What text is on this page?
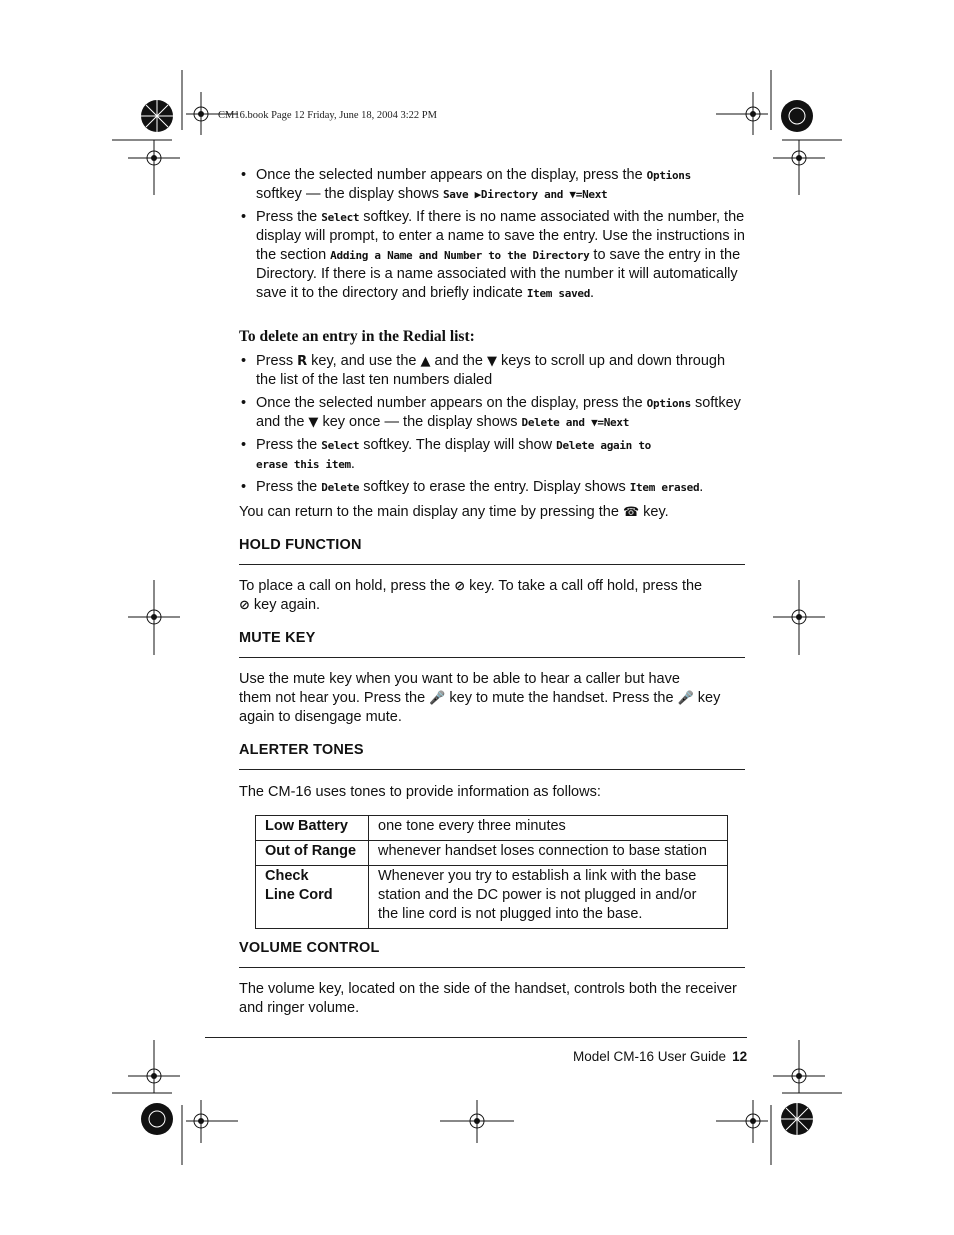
CM16.book Page 12 Friday, June 18, 2004 3:22 PM
• Once the selected number appears on the display, press the Options
softkey — the display shows Save ▶Directory and ▼=Next
• Press the Select softkey. If there is no name associated with the number, the display will prompt, to enter a name to save the entry. Use the instructions in the section Adding a Name and Number to the Directory to save the entry in the Directory. If there is a name associated with the number it will automatically save it to the directory and briefly indicate Item saved.
To delete an entry in the Redial list:
• Press R key, and use the ▲ and the ▼ keys to scroll up and down through the list of the last ten numbers dialed
• Once the selected number appears on the display, press the Options softkey and the ▼ key once — the display shows Delete and ▼=Next
• Press the Select softkey. The display will show Delete again to
erase this item.
• Press the Delete softkey to erase the entry. Display shows Item erased.
You can return to the main display any time by pressing the ☎ key.
HOLD FUNCTION
To place a call on hold, press the ⊘ key. To take a call off hold, press the
⊘ key again.
MUTE KEY
Use the mute key when you want to be able to hear a caller but have
them not hear you. Press the 🎤 key to mute the handset. Press the 🎤 key again to disengage mute.
ALERTER TONES
The CM-16 uses tones to provide information as follows:
VOLUME CONTROL
The volume key, located on the side of the handset, controls both the receiver and ringer volume.
Low Battery	one tone every three minutes
Out of Range	whenever handset loses connection to base station
Check
Line Cord	Whenever you try to establish a link with the base station and the DC power is not plugged in and/or the line cord is not plugged into the base.
Model CM-16 User Guide 12
